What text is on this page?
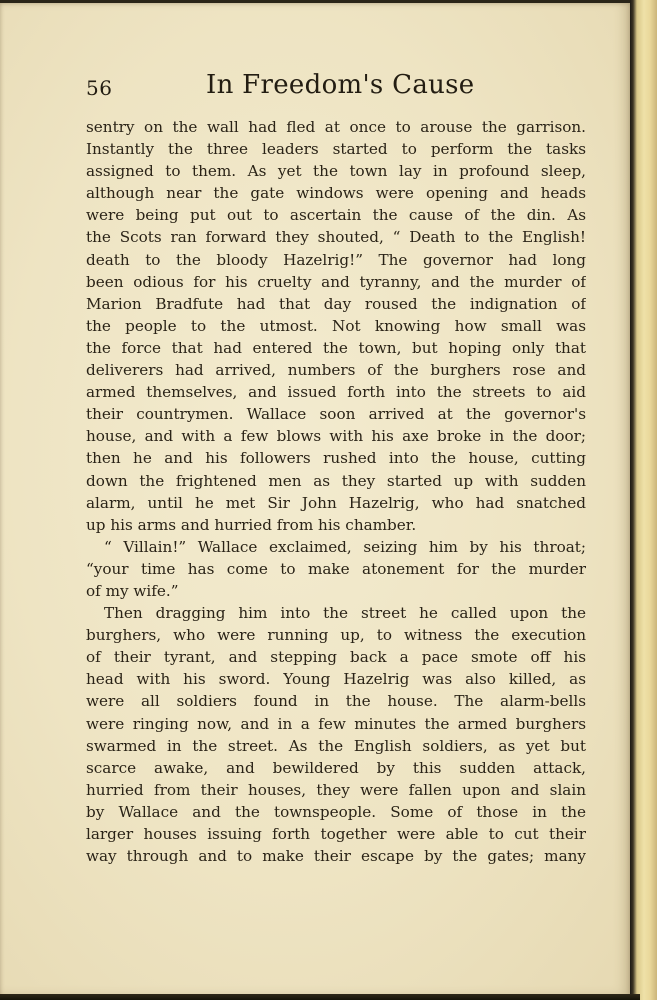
56	In Freedom's Cause
sentry on the wall had fled at once to arouse the garrison.
Instantly the three leaders started to perform the tasks
assigned to them. As yet the town lay in profound sleep,
although near the gate windows were opening and heads
were being put out to ascertain the cause of the din. As
the Scots ran forward they shouted, “ Death to the English!
death to the bloody Hazelrig!” The governor had long
been odious for his cruelty and tyranny, and the murder of
Marion Bradfute had that day roused the indignation of
the people to the utmost. Not knowing how small was
the force that had entered the town, but hoping only that
deliverers had arrived, numbers of the burghers rose and
armed themselves, and issued forth into the streets to aid
their countrymen. Wallace soon arrived at the governor's
house, and with a few blows with his axe broke in the door;
then he and his followers rushed into the house, cutting
down the frightened men as they started up with sudden
alarm, until he met Sir John Hazelrig, who had snatched
up his arms and hurried from his chamber.
“ Villain!” Wallace exclaimed, seizing him by his throat;
“your time has come to make atonement for the murder
of my wife.”
Then dragging him into the street he called upon the
burghers, who were running up, to witness the execution
of their tyrant, and stepping back a pace smote off his
head with his sword. Young Hazelrig was also killed, as
were all soldiers found in the house. The alarm-bells
were ringing now, and in a few minutes the armed burghers
swarmed in the street. As the English soldiers, as yet but
scarce awake, and bewildered by this sudden attack,
hurried from their houses, they were fallen upon and slain
by Wallace and the townspeople. Some of those in the
larger houses issuing forth together were able to cut their
way through and to make their escape by the gates; many
